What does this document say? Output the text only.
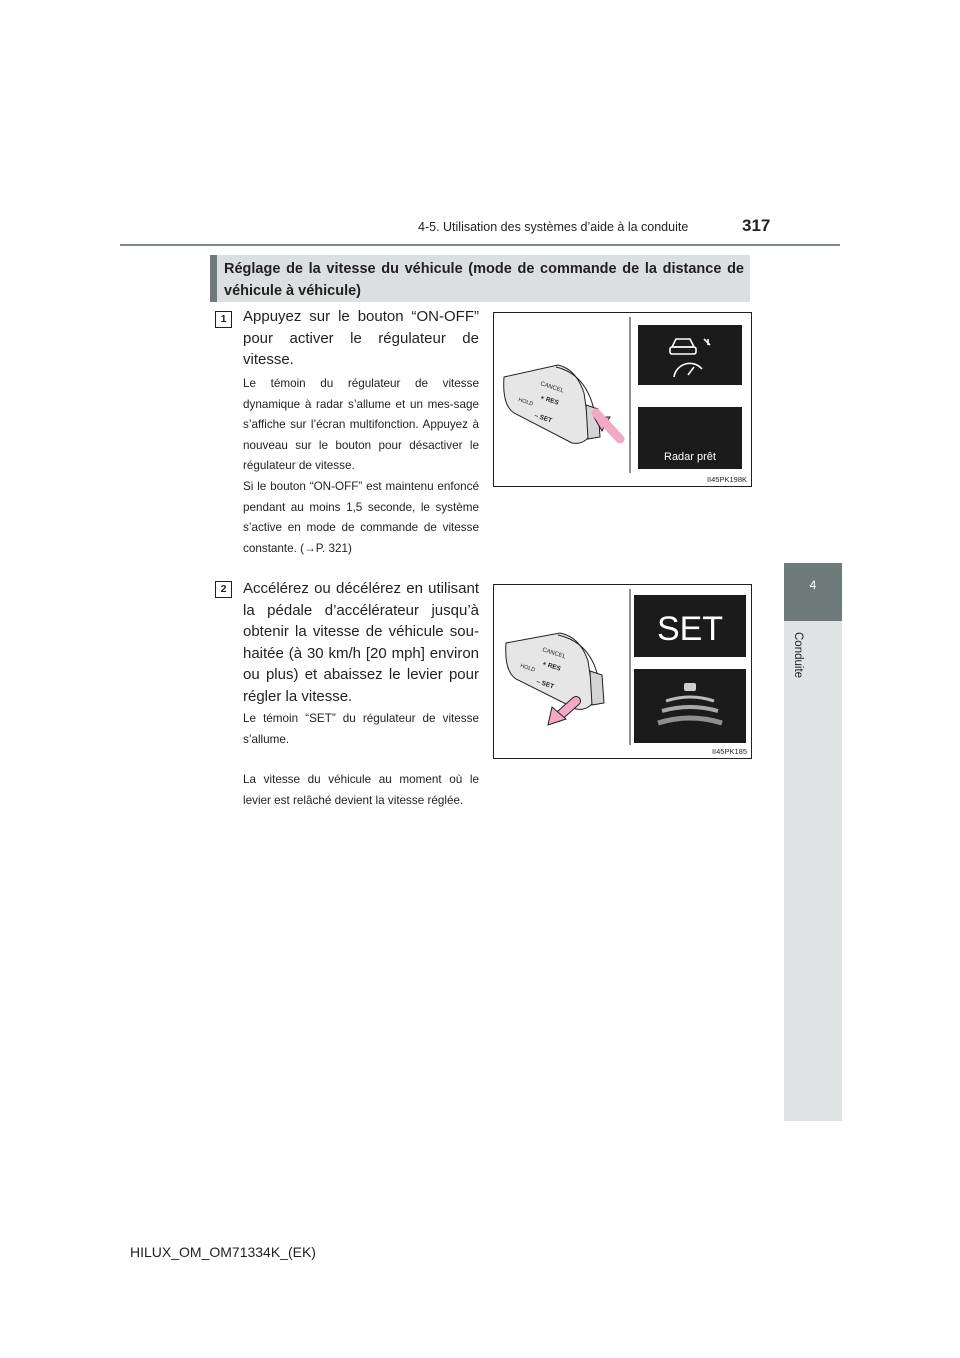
4-5. Utilisation des systèmes d’aide à la conduite	317
4
Conduite
Réglage de la vitesse du véhicule (mode de commande de la distance de véhicule à véhicule)
1	Appuyez sur le bouton “ON-OFF” pour activer le régulateur de vitesse.
Le témoin du régulateur de vitesse dynamique à radar s’allume et un mes-sage s’affiche sur l’écran multifonction. Appuyez à nouveau sur le bouton pour désactiver le régulateur de vitesse.
Si le bouton “ON-OFF” est maintenu enfoncé pendant au moins 1,5 seconde, le système s’active en mode de commande de vitesse constante. (→P. 321)
CANCEL
+ RES
HOLD
– SET
Radar prêt
II45PK198K
2	Accélérez ou décélérez en utilisant la pédale d’accélérateur jusqu’à obtenir la vitesse de véhicule sou-haitée (à 30 km/h [20 mph] environ ou plus) et abaissez le levier pour régler la vitesse.
Le témoin “SET” du régulateur de vitesse s’allume.
La vitesse du véhicule au moment où le levier est relâché devient la vitesse réglée.
CANCEL
+ RES
HOLD
– SET
SET
II45PK185
HILUX_OM_OM71334K_(EK)
